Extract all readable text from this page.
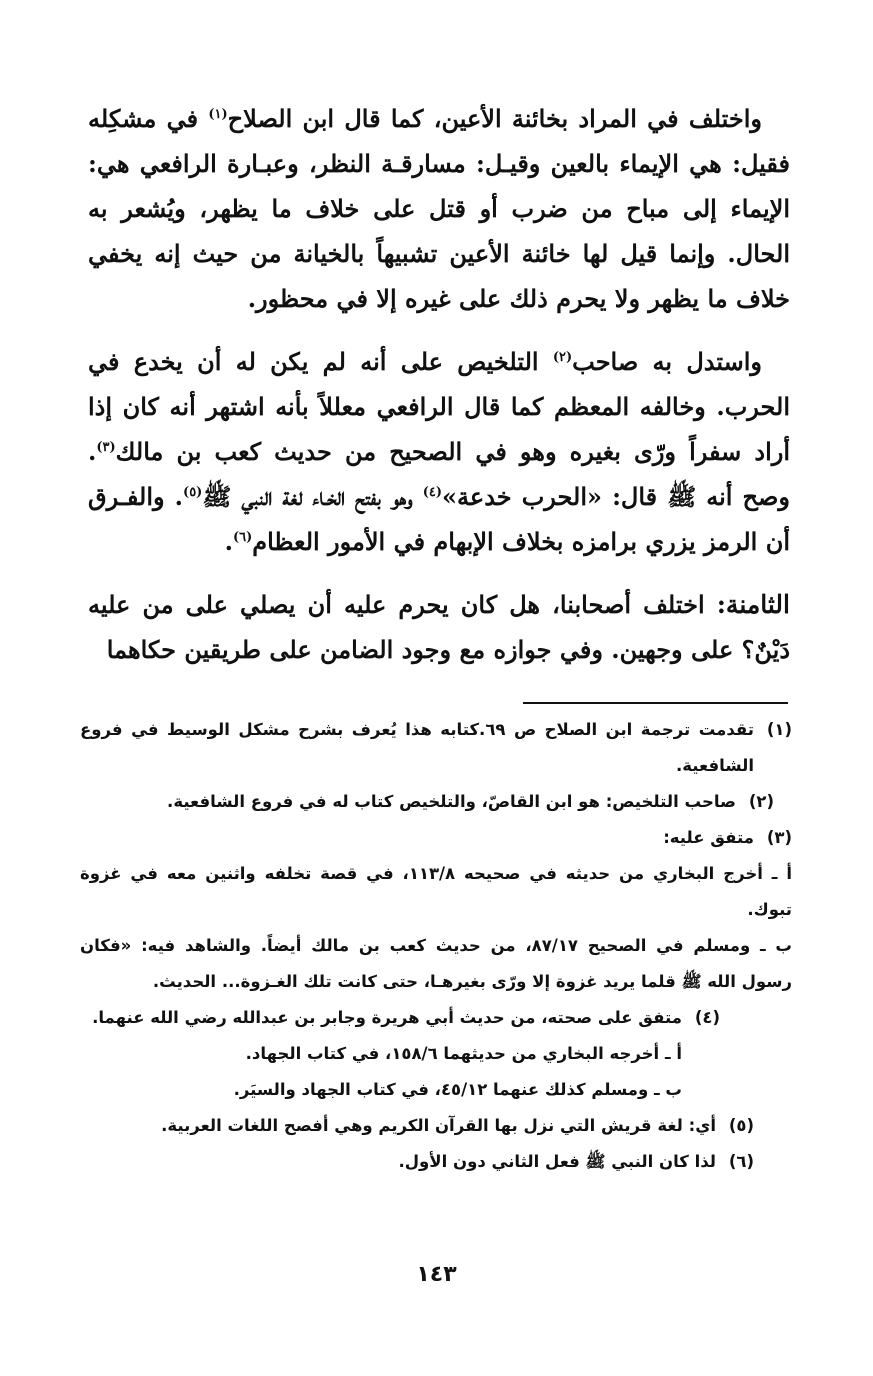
واختلف في المراد بخائنة الأعين، كما قال ابن الصلاح$^{(١)}$ في مشكِله فقيل: هي الإيماء بالعين وقيـل: مسارقـة النظر، وعبـارة الرافعي هي: الإيماء إلى مباح من ضرب أو قتل على خلاف ما يظهر، ويُشعر به الحال. وإنما قيل لها خائنة الأعين تشبيهاً بالخيانة من حيث إنه يخفي خلاف ما يظهر ولا يحرم ذلك على غيره إلا في محظور.

واستدل به صاحب$^{(٢)}$ التلخيص على أنه لم يكن له أن يخدع في الحرب. وخالفه المعظم كما قال الرافعي معللاً بأنه اشتهر أنه كان إذا أراد سفراً ورّى بغيره وهو في الصحيح من حديث كعب بن مالك$^{(٣)}$. وصح أنه ﷺ قال: «الحرب خدعة»$^{(٤)}$ وهو بفتح الخـاء لغة النبي ﷺ$^{(٥)}$. والفـرق أن الرمز يزري برامزه بخلاف الإبهام في الأمور العظام$^{(٦)}$.

الثامنة: اختلف أصحابنا، هل كان يحرم عليه أن يصلي على من عليه دَيْنٌ؟ على وجهين. وفي جوازه مع وجود الضامن على طريقين حكاهما

(١)
تقدمت ترجمة ابن الصلاح ص ٦٩.كتابه هذا يُعرف بشرح مشكل الوسيط في فروع الشافعية.
(٢)
صاحب التلخيص: هو ابن القاصّ، والتلخيص كتاب له في فروع الشافعية.
(٣)
متفق عليه:
أ ـ أخرج البخاري من حديثه في صحيحه ١١٣/٨، في قصة تخلفه واثنين معه في غزوة تبوك.
ب ـ ومسلم في الصحيح ٨٧/١٧، من حديث كعب بن مالك أيضاً. والشاهد فيه: «فكان رسول الله ﷺ قلما يريد غزوة إلا ورّى بغيرهـا، حتى كانت تلك الغـزوة... الحديث.
(٤)
متفق على صحته، من حديث أبي هريرة وجابر بن عبدالله رضي الله عنهما.
أ ـ أخرجه البخاري من حديثهما ١٥٨/٦، في كتاب الجهاد.
ب ـ ومسلم كذلك عنهما ٤٥/١٢، في كتاب الجهاد والسيَر.
(٥)
أي: لغة قريش التي نزل بها القرآن الكريم وهي أفصح اللغات العربية.
(٦)
لذا كان النبي ﷺ فعل الثاني دون الأول.
١٤٣
